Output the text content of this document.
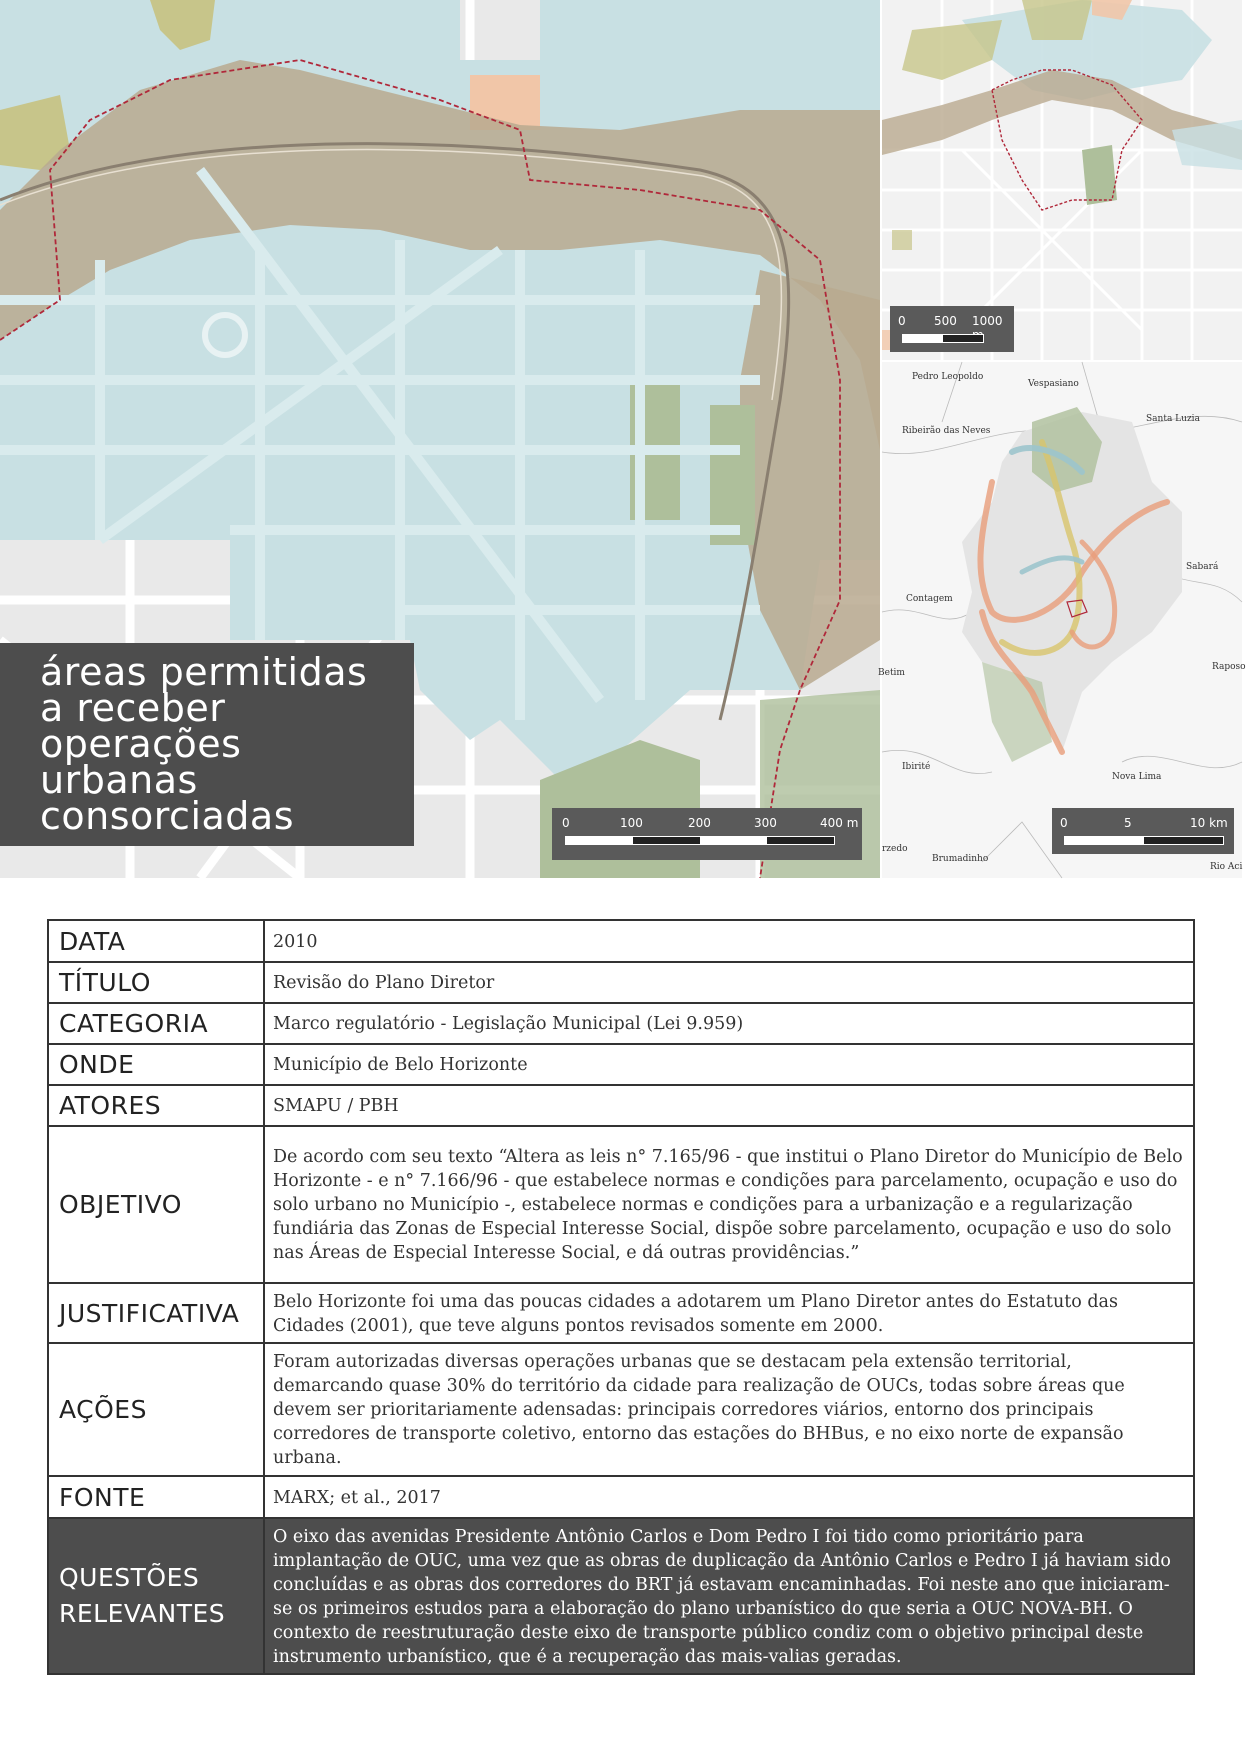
áreas permitidas
a receber
operações
urbanas
consorciadas	0	100	200	300	400 m
0 500 1000
Pedro Leopoldo
Vespasiano
Santa Luzia
Ribeirão das Neves
Sabará
Contagem
Betim
Raposo
Ibirité
Nova Lima
rzedo
Brumadinho
Rio Aci
0	5	10 km
DATA	2010
TÍTULO	Revisão do Plano Diretor
CATEGORIA	Marco regulatório - Legislação Municipal (Lei 9.959)
ONDE	Município de Belo Horizonte
ATORES	SMAPU / PBH
OBJETIVO	De acordo com seu texto “Altera as leis n° 7.165/96 - que institui o Plano Diretor do Município de Belo Horizonte - e n° 7.166/96 - que estabelece normas e condições para parcelamento, ocupação e uso do solo urbano no Município -, estabelece normas e condições para a urbanização e a regularização fundiária das Zonas de Especial Interesse Social, dispõe sobre parcelamento, ocupação e uso do solo nas Áreas de Especial Interesse Social, e dá outras providências.”
JUSTIFICATIVA	Belo Horizonte foi uma das poucas cidades a adotarem um Plano Diretor antes do Estatuto das Cidades (2001), que teve alguns pontos revisados somente em 2000.
AÇÕES	Foram autorizadas diversas operações urbanas que se destacam pela extensão territorial, demarcando quase 30% do território da cidade para realização de OUCs, todas sobre áreas que devem ser prioritariamente adensadas: principais corredores viários, entorno dos principais corredores de transporte coletivo, entorno das estações do BHBus, e no eixo norte de expansão urbana.
FONTE	MARX; et al., 2017

QUESTÕES
RELEVANTES	O eixo das avenidas Presidente Antônio Carlos e Dom Pedro I foi tido como prioritário para implantação de OUC, uma vez que as obras de duplicação da Antônio Carlos e Pedro I já haviam sido concluídas e as obras dos corredores do BRT já estavam encaminhadas. Foi neste ano que iniciaram-se os primeiros estudos para a elaboração do plano urbanístico do que seria a OUC NOVA-BH. O contexto de reestruturação deste eixo de transporte público condiz com o objetivo principal deste instrumento urbanístico, que é a recuperação das mais-valias geradas.
